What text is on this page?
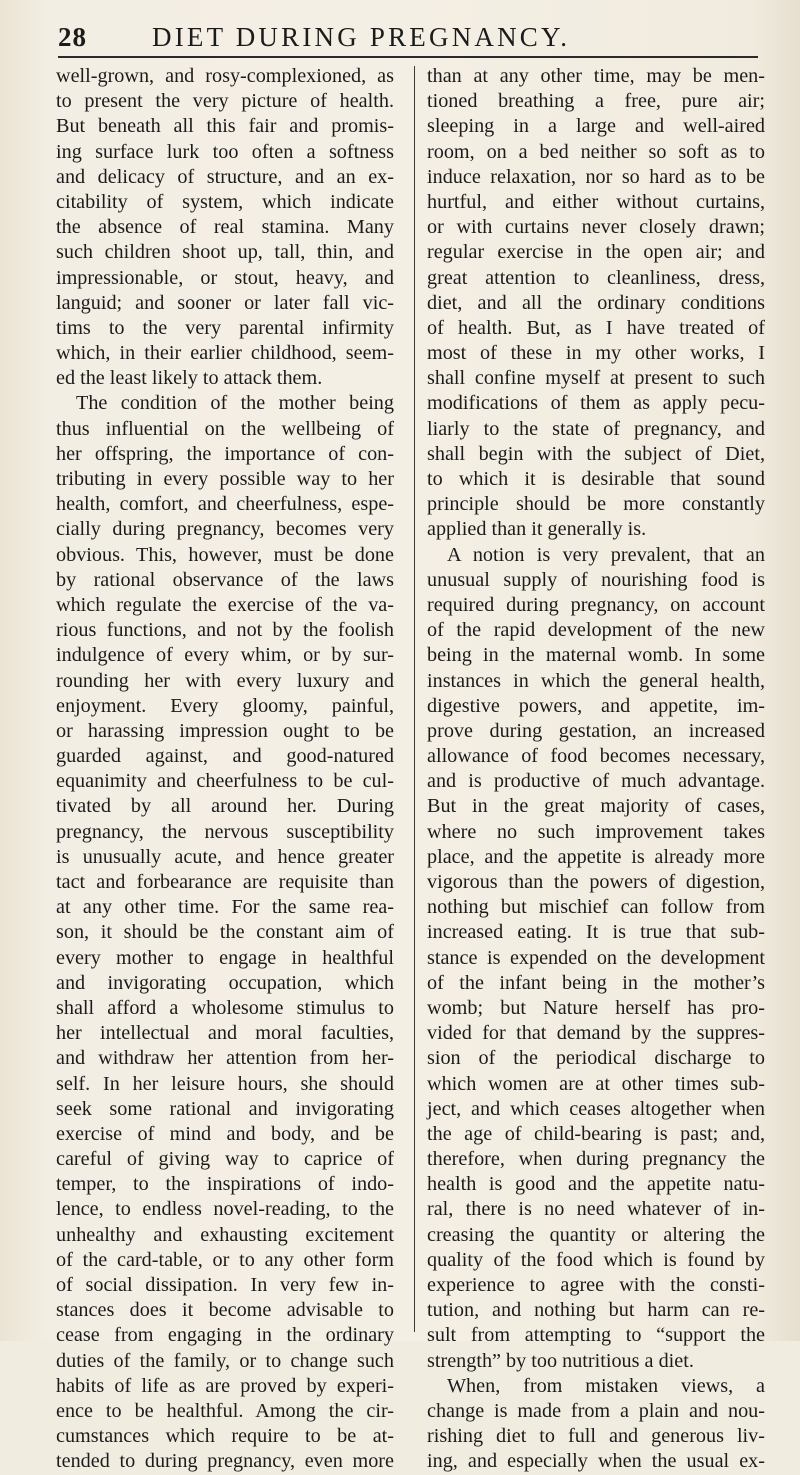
28 DIET DURING PREGNANCY.
well-grown, and rosy-complexioned, as
to present the very picture of health.
But beneath all this fair and promis-
ing surface lurk too often a softness
and delicacy of structure, and an ex-
citability of system, which indicate
the absence of real stamina. Many
such children shoot up, tall, thin, and
impressionable, or stout, heavy, and
languid; and sooner or later fall vic-
tims to the very parental infirmity
which, in their earlier childhood, seem-
ed the least likely to attack them.
The condition of the mother being
thus influential on the wellbeing of
her offspring, the importance of con-
tributing in every possible way to her
health, comfort, and cheerfulness, espe-
cially during pregnancy, becomes very
obvious. This, however, must be done
by rational observance of the laws
which regulate the exercise of the va-
rious functions, and not by the foolish
indulgence of every whim, or by sur-
rounding her with every luxury and
enjoyment. Every gloomy, painful,
or harassing impression ought to be
guarded against, and good-natured
equanimity and cheerfulness to be cul-
tivated by all around her. During
pregnancy, the nervous susceptibility
is unusually acute, and hence greater
tact and forbearance are requisite than
at any other time. For the same rea-
son, it should be the constant aim of
every mother to engage in healthful
and invigorating occupation, which
shall afford a wholesome stimulus to
her intellectual and moral faculties,
and withdraw her attention from her-
self. In her leisure hours, she should
seek some rational and invigorating
exercise of mind and body, and be
careful of giving way to caprice of
temper, to the inspirations of indo-
lence, to endless novel-reading, to the
unhealthy and exhausting excitement
of the card-table, or to any other form
of social dissipation. In very few in-
stances does it become advisable to
cease from engaging in the ordinary
duties of the family, or to change such
habits of life as are proved by experi-
ence to be healthful. Among the cir-
cumstances which require to be at-
tended to during pregnancy, even more
than at any other time, may be men-
tioned breathing a free, pure air;
sleeping in a large and well-aired
room, on a bed neither so soft as to
induce relaxation, nor so hard as to be
hurtful, and either without curtains,
or with curtains never closely drawn;
regular exercise in the open air; and
great attention to cleanliness, dress,
diet, and all the ordinary conditions
of health. But, as I have treated of
most of these in my other works, I
shall confine myself at present to such
modifications of them as apply pecu-
liarly to the state of pregnancy, and
shall begin with the subject of Diet,
to which it is desirable that sound
principle should be more constantly
applied than it generally is.
A notion is very prevalent, that an
unusual supply of nourishing food is
required during pregnancy, on account
of the rapid development of the new
being in the maternal womb. In some
instances in which the general health,
digestive powers, and appetite, im-
prove during gestation, an increased
allowance of food becomes necessary,
and is productive of much advantage.
But in the great majority of cases,
where no such improvement takes
place, and the appetite is already more
vigorous than the powers of digestion,
nothing but mischief can follow from
increased eating. It is true that sub-
stance is expended on the development
of the infant being in the mother’s
womb; but Nature herself has pro-
vided for that demand by the suppres-
sion of the periodical discharge to
which women are at other times sub-
ject, and which ceases altogether when
the age of child-bearing is past; and,
therefore, when during pregnancy the
health is good and the appetite natu-
ral, there is no need whatever of in-
creasing the quantity or altering the
quality of the food which is found by
experience to agree with the consti-
tution, and nothing but harm can re-
sult from attempting to “support the
strength” by too nutritious a diet.
When, from mistaken views, a
change is made from a plain and nou-
rishing diet to full and generous liv-
ing, and especially when the usual ex-
